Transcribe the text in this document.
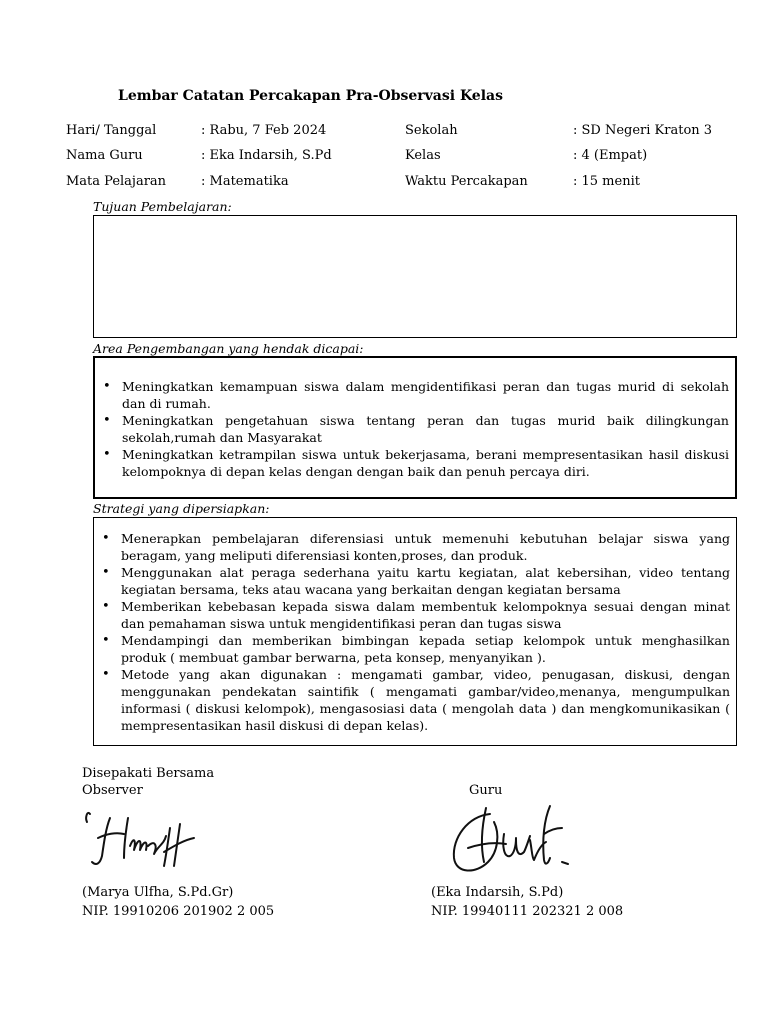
Lembar Catatan Percakapan Pra-Observasi Kelas
Hari/ Tanggal	: Rabu, 7 Feb 2024
Nama Guru	: Eka Indarsih, S.Pd
Mata Pelajaran	: Matematika
Sekolah	: SD Negeri Kraton 3
Kelas	: 4 (Empat)
Waktu Percakapan	: 15 menit
Tujuan Pembelajaran:
Area Pengembangan yang hendak dicapai:
• Meningkatkan kemampuan siswa dalam mengidentifikasi peran dan tugas murid di sekolah dan di rumah.
• Meningkatkan pengetahuan siswa tentang peran dan tugas murid baik dilingkungan sekolah,rumah dan Masyarakat
• Meningkatkan ketrampilan siswa untuk bekerjasama, berani mempresentasikan hasil diskusi kelompoknya di depan kelas dengan dengan baik dan penuh percaya diri.
Strategi yang dipersiapkan:
• Menerapkan pembelajaran diferensiasi untuk memenuhi kebutuhan belajar siswa yang beragam, yang meliputi diferensiasi konten,proses, dan produk.
• Menggunakan alat peraga sederhana yaitu kartu kegiatan, alat kebersihan, video tentang kegiatan bersama, teks atau wacana yang berkaitan dengan kegiatan bersama
• Memberikan kebebasan kepada siswa dalam membentuk kelompoknya sesuai dengan minat dan pemahaman siswa untuk mengidentifikasi peran dan tugas siswa
• Mendampingi dan memberikan bimbingan kepada setiap kelompok untuk menghasilkan produk ( membuat gambar berwarna, peta konsep, menyanyikan ).
• Metode yang akan digunakan : mengamati gambar, video, penugasan, diskusi, dengan menggunakan pendekatan saintifik ( mengamati gambar/video,menanya, mengumpulkan informasi ( diskusi kelompok), mengasosiasi data ( mengolah data ) dan mengkomunikasikan ( mempresentasikan hasil diskusi di depan kelas).
Disepakati Bersama
Observer	Guru
(Marya Ulfha, S.Pd.Gr)
NIP. 19910206 201902 2 005
(Eka Indarsih, S.Pd)
NIP. 19940111 202321 2 008
